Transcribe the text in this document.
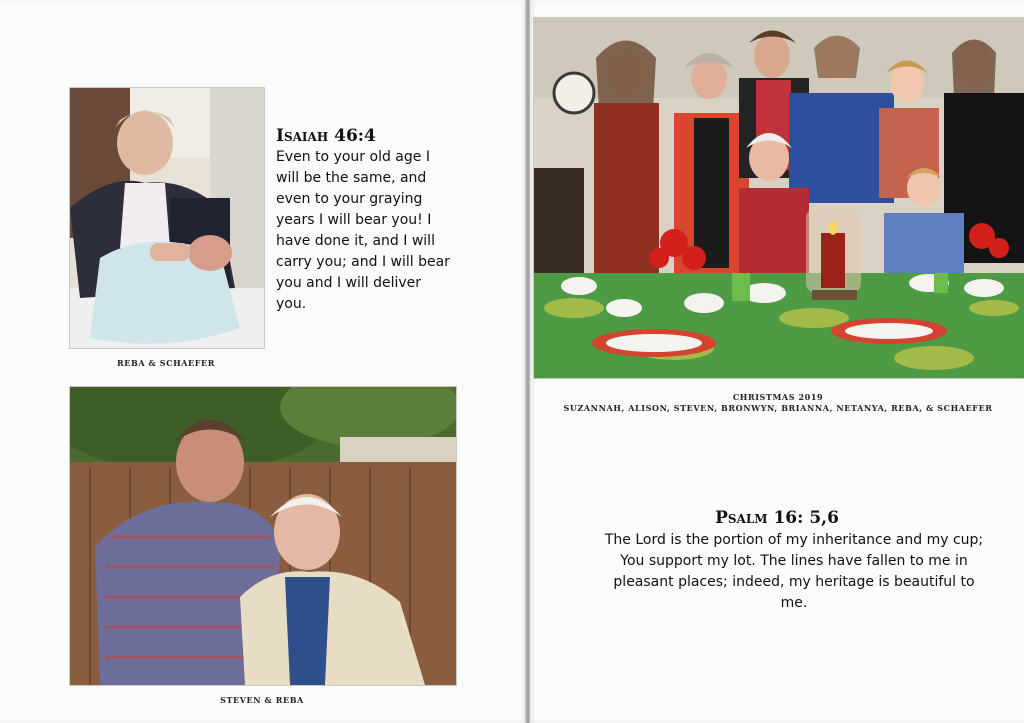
REBA & SCHAEFER
Isaiah 46:4
Even to your old age I will be the same, and even to your graying years I will bear you! I have done it, and I will carry you; and I will bear you and I will deliver you.
STEVEN & REBA
CHRISTMAS 2019
SUZANNAH, ALISON, STEVEN, BRONWYN, BRIANNA, NETANYA, REBA, & SCHAEFER
Psalm 16: 5,6
The Lord is the portion of my inheritance and my cup; You support my lot. The lines have fallen to me in pleasant places; indeed, my heritage is beautiful to me.
